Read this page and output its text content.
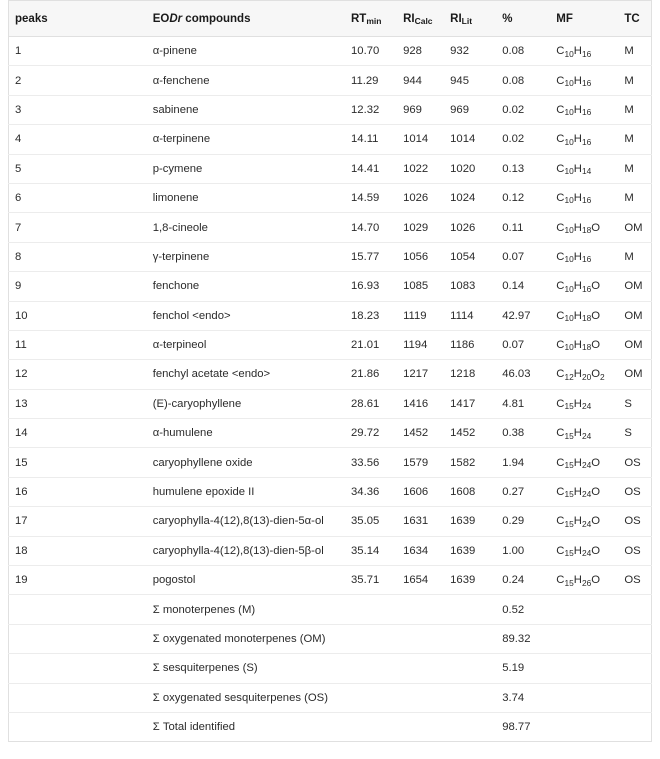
peaks	EODr compounds	$RT_{min}$	$RI_{Calc}$	$RI_{Lit}$	%	MF	TC
1	α-pinene	10.70	928	932	0.08	$C_{10}H_{16}$	M
2	α-fenchene	11.29	944	945	0.08	$C_{10}H_{16}$	M
3	sabinene	12.32	969	969	0.02	$C_{10}H_{16}$	M
4	α-terpinene	14.11	1014	1014	0.02	$C_{10}H_{16}$	M
5	p-cymene	14.41	1022	1020	0.13	$C_{10}H_{14}$	M
6	limonene	14.59	1026	1024	0.12	$C_{10}H_{16}$	M
7	1,8-cineole	14.70	1029	1026	0.11	$C_{10}H_{18}O$	OM
8	γ-terpinene	15.77	1056	1054	0.07	$C_{10}H_{16}$	M
9	fenchone	16.93	1085	1083	0.14	$C_{10}H_{16}O$	OM
10	fenchol <endo>	18.23	1119	1114	42.97	$C_{10}H_{18}O$	OM
11	α-terpineol	21.01	1194	1186	0.07	$C_{10}H_{18}O$	OM
12	fenchyl acetate <endo>	21.86	1217	1218	46.03	$C_{12}H_{20}O_2$	OM
13	(E)-caryophyllene	28.61	1416	1417	4.81	$C_{15}H_{24}$	S
14	α-humulene	29.72	1452	1452	0.38	$C_{15}H_{24}$	S
15	caryophyllene oxide	33.56	1579	1582	1.94	$C_{15}H_{24}O$	OS
16	humulene epoxide II	34.36	1606	1608	0.27	$C_{15}H_{24}O$	OS
17	caryophylla-4(12),8(13)-dien-5α-ol	35.05	1631	1639	0.29	$C_{15}H_{24}O$	OS
18	caryophylla-4(12),8(13)-dien-5β-ol	35.14	1634	1639	1.00	$C_{15}H_{24}O$	OS
19	pogostol	35.71	1654	1639	0.24	$C_{15}H_{26}O$	OS
	Σ monoterpenes (M)				0.52		
	Σ oxygenated monoterpenes (OM)				89.32		
	Σ sesquiterpenes (S)				5.19		
	Σ oxygenated sesquiterpenes (OS)				3.74		
	Σ Total identified				98.77		
